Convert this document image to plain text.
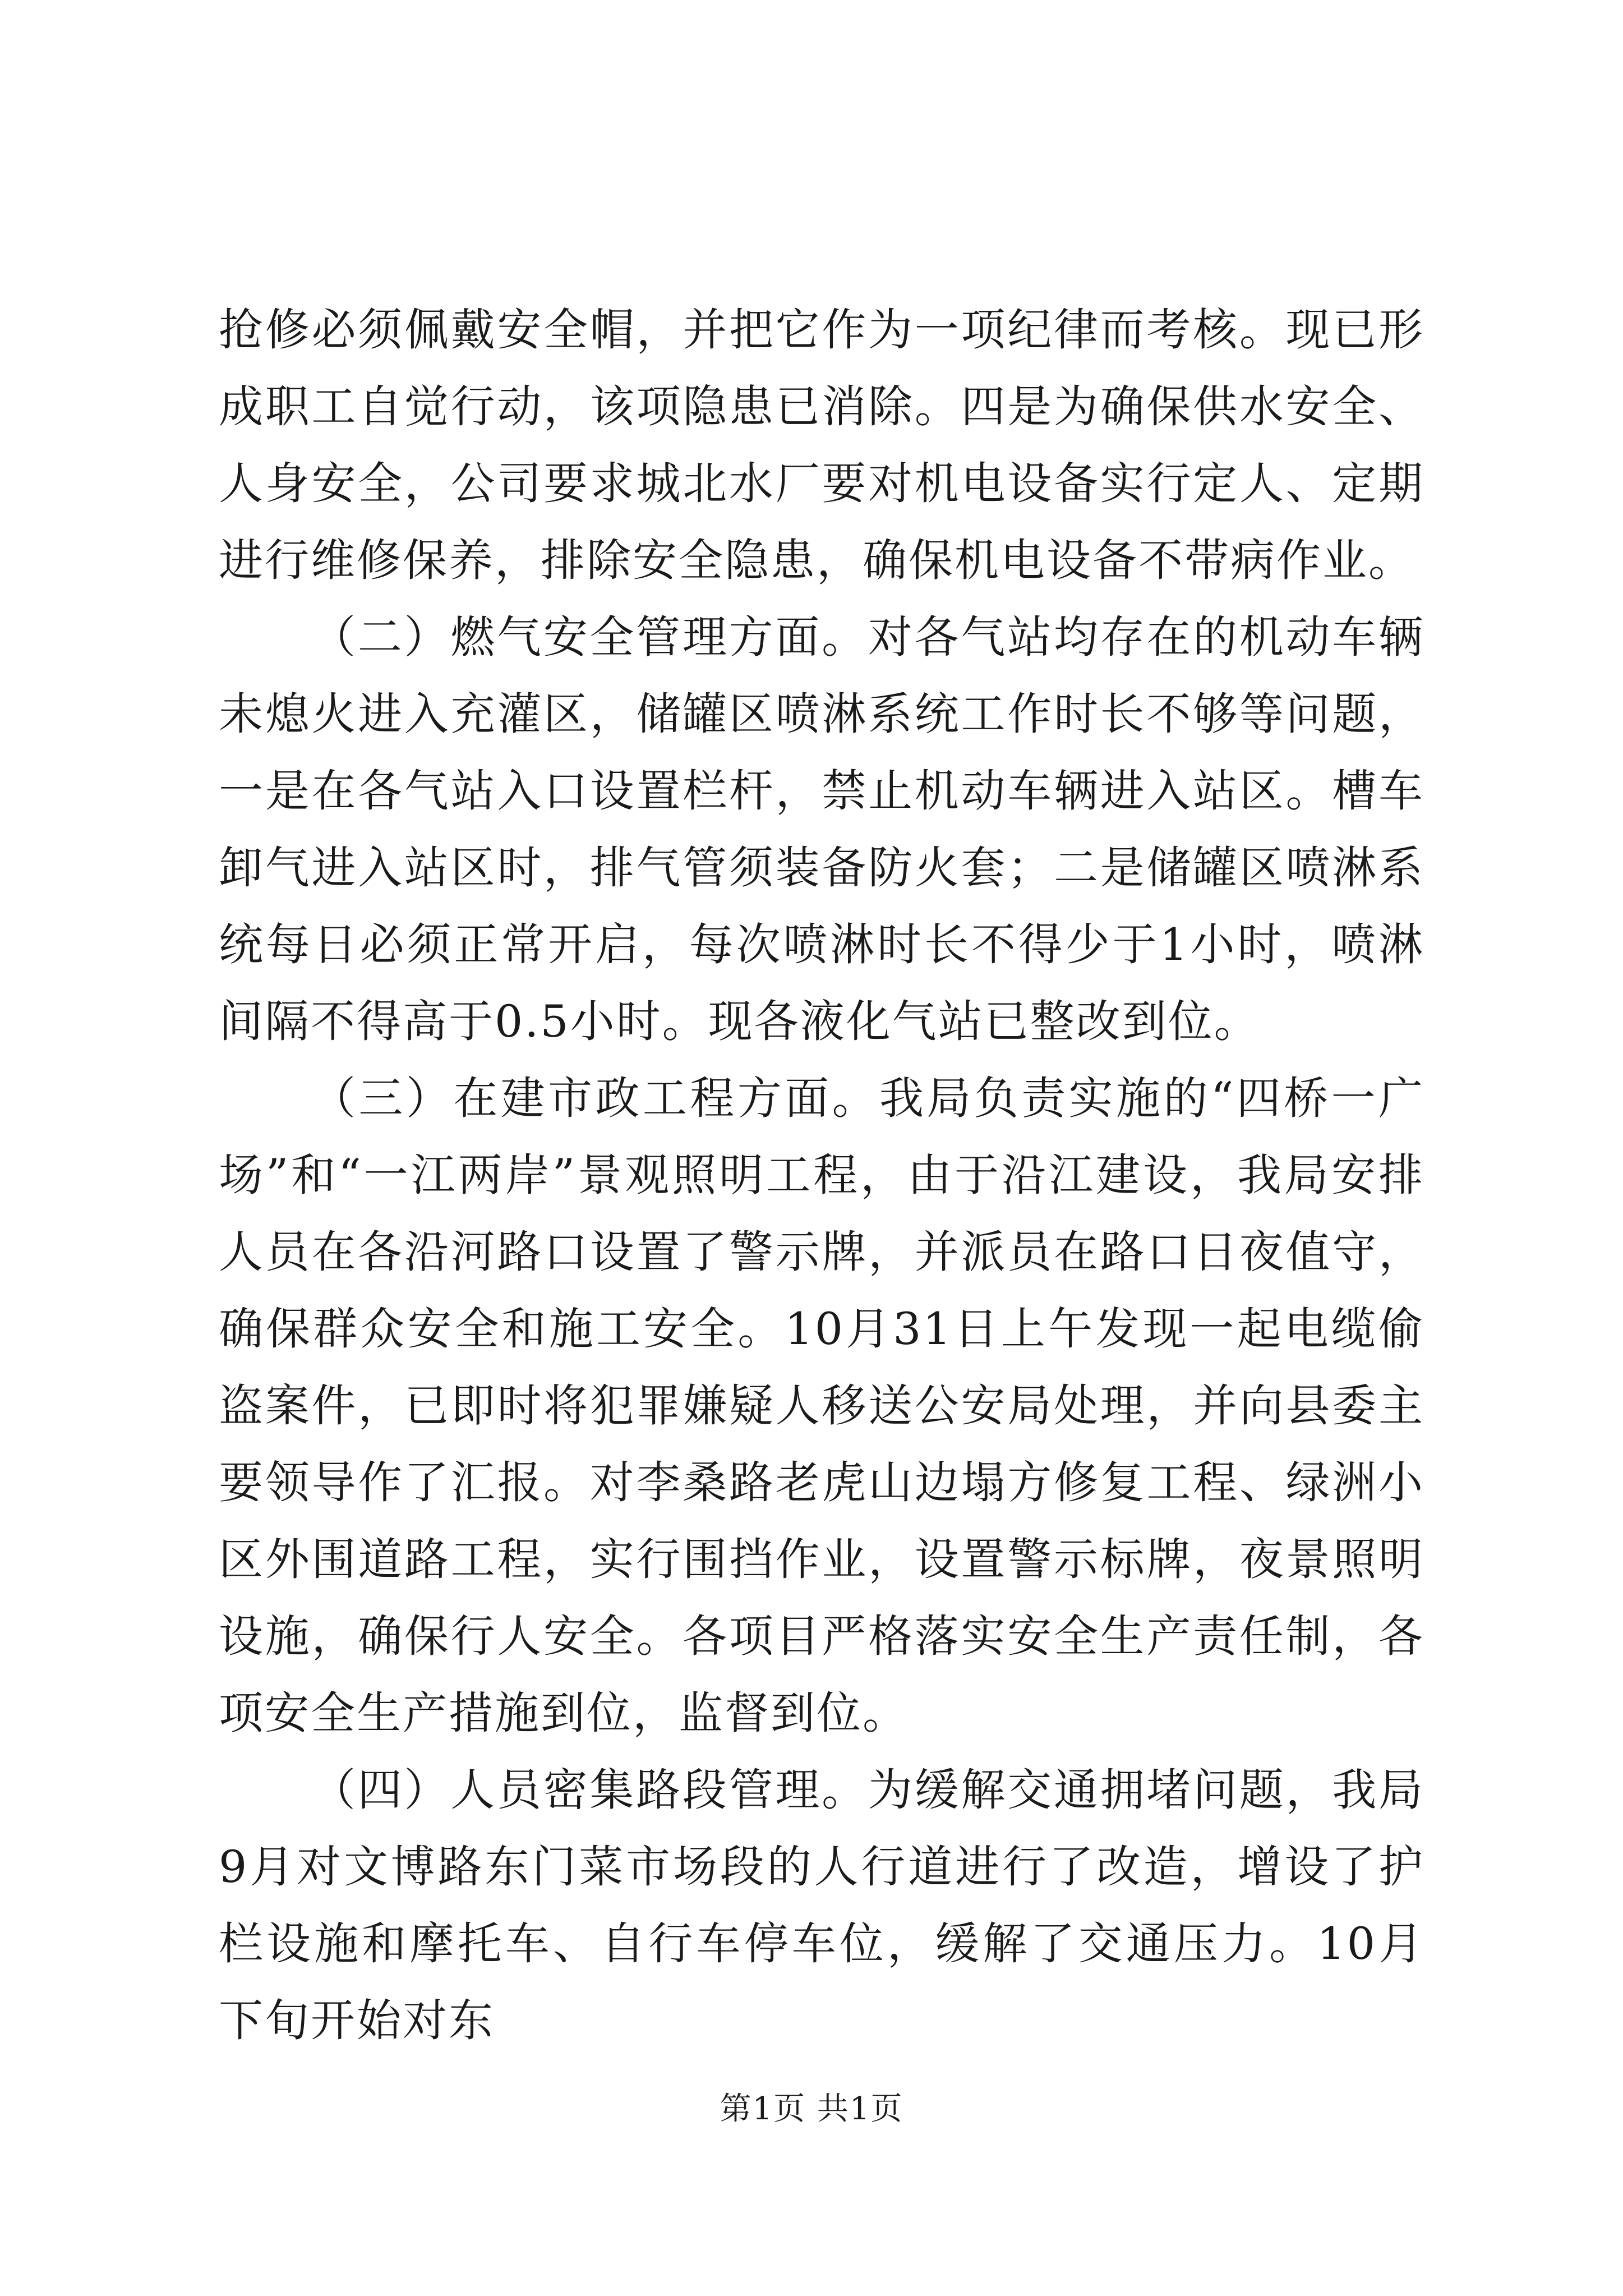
抢修必须佩戴安全帽，并把它作为一项纪律而考核。现已形成职工自觉行动，该项隐患已消除。四是为确保供水安全、人身安全，公司要求城北水厂要对机电设备实行定人、定期进行维修保养，排除安全隐患，确保机电设备不带病作业。

（二）燃气安全管理方面。对各气站均存在的机动车辆未熄火进入充灌区，储罐区喷淋系统工作时长不够等问题，一是在各气站入口设置栏杆，禁止机动车辆进入站区。槽车卸气进入站区时，排气管须装备防火套；二是储罐区喷淋系统每日必须正常开启，每次喷淋时长不得少于1小时，喷淋间隔不得高于0.5小时。现各液化气站已整改到位。

（三）在建市政工程方面。我局负责实施的“四桥一广场”和“一江两岸”景观照明工程，由于沿江建设，我局安排人员在各沿河路口设置了警示牌，并派员在路口日夜值守，确保群众安全和施工安全。10月31日上午发现一起电缆偷盗案件，已即时将犯罪嫌疑人移送公安局处理，并向县委主要领导作了汇报。对李桑路老虎山边塌方修复工程、绿洲小区外围道路工程，实行围挡作业，设置警示标牌，夜景照明设施，确保行人安全。各项目严格落实安全生产责任制，各项安全生产措施到位，监督到位。

（四）人员密集路段管理。为缓解交通拥堵问题，我局9月对文博路东门菜市场段的人行道进行了改造，增设了护栏设施和摩托车、自行车停车位，缓解了交通压力。10月下旬开始对东

第1页 共1页
